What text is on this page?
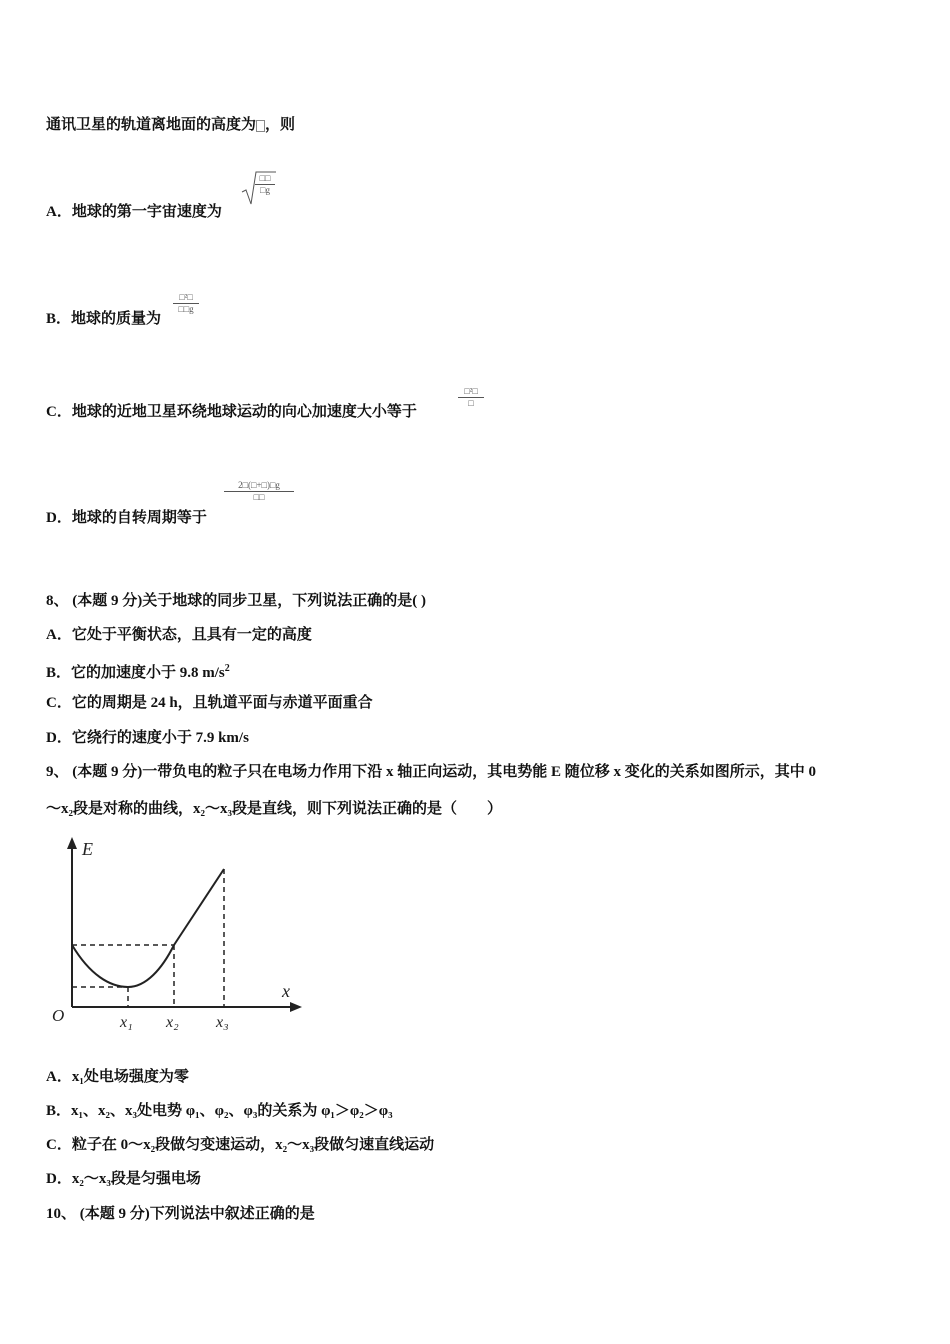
通讯卫星的轨道离地面的高度为 ，则
A．地球的第一宇宙速度为
□□
□g
B．地球的质量为
□²□
□□g
C．地球的近地卫星环绕地球运动的向心加速度大小等于
□²□
□
D．地球的自转周期等于
2□(□+□)□g
□□
8、 (本题 9 分)关于地球的同步卫星，下列说法正确的是( )
A．它处于平衡状态，且具有一定的高度
B．它的加速度小于 9.8 $m/s^2$
C．它的周期是 24 h，且轨道平面与赤道平面重合
D．它绕行的速度小于 7.9 km/s
9、 (本题 9 分)一带负电的粒子只在电场力作用下沿 x 轴正向运动，其电势能 E 随位移 x 变化的关系如图所示，其中 0
～x₂段是对称的曲线，x₂～x₃段是直线，则下列说法正确的是（　　）
E
x
O	x₁ x₂ x₃
A．x₁处电场强度为零
B．x₁、x₂、x₃处电势 φ₁、φ₂、φ₃的关系为 φ₁＞φ₂＞φ₃
C．粒子在 0～x₂段做匀变速运动，x₂～x₃段做匀速直线运动
D．x₂～x₃段是匀强电场
10、 (本题 9 分)下列说法中叙述正确的是
